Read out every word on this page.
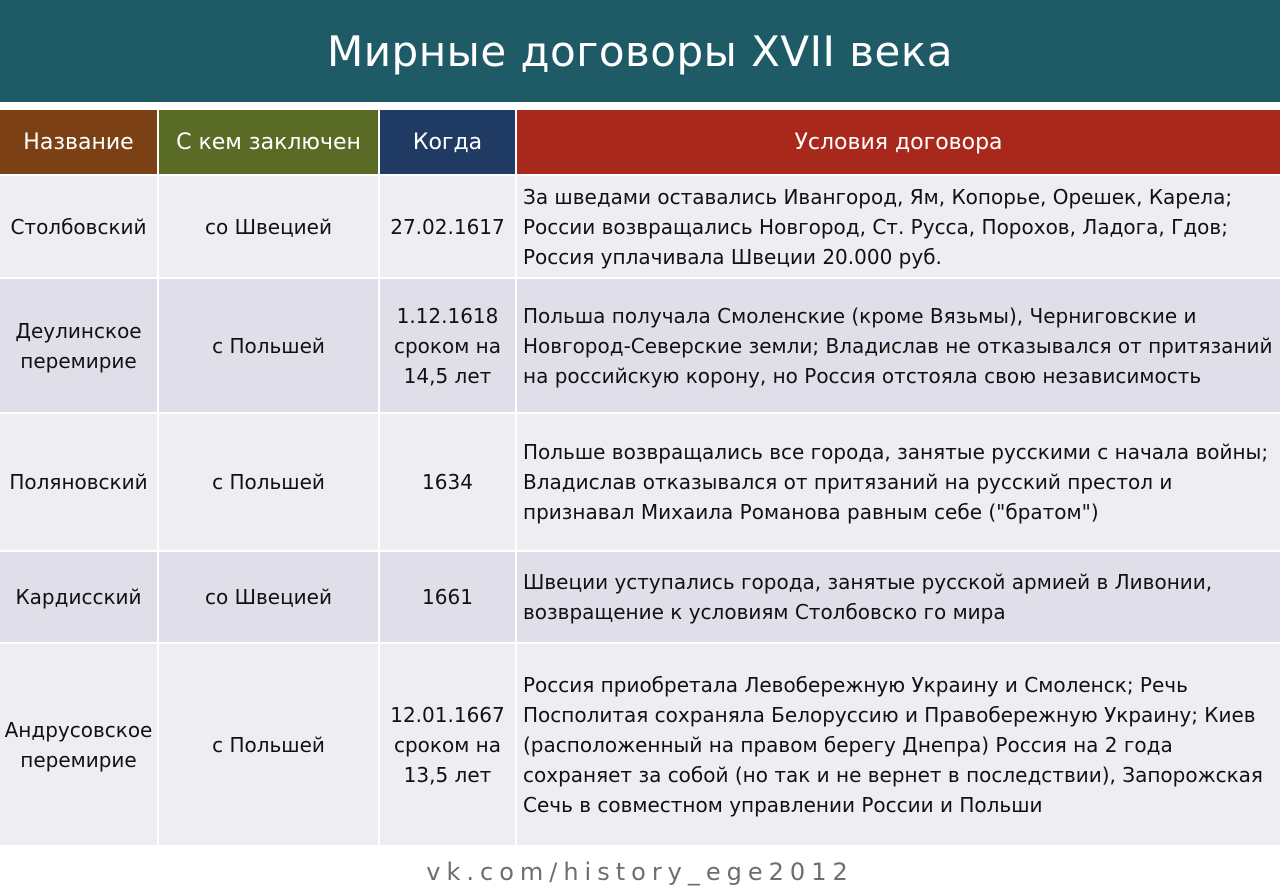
Мирные договоры XVII века
Название	С кем заключен	Когда	Условия договора
Столбовский	со Швецией	27.02.1617	За шведами оставались Ивангород, Ям, Копорье, Орешек, Карела; России возвращались Новгород, Ст. Русса, Порохов, Ладога, Гдов; Россия уплачивала Швеции 20.000 руб.
Деулинское перемирие	с Польшей	1.12.1618 сроком на 14,5 лет	Польша получала Смоленские (кроме Вязьмы), Черниговские и Новгород-Северские земли; Владислав не отказывался от притязаний на российскую корону, но Россия отстояла свою независимость
Поляновский	с Польшей	1634	Польше возвращались все города, занятые русскими с начала войны; Владислав отказывался от притязаний на русский престол и признавал Михаила Романова равным себе ("братом")
Кардисский	со Швецией	1661	Швеции уступались города, занятые русской армией в Ливонии, возвращение к условиям Столбовско го мира
Андрусовское перемирие	с Польшей	12.01.1667 сроком на 13,5 лет	Россия приобретала Левобережную Украину и Смоленск; Речь Посполитая сохраняла Белоруссию и Правобережную Украину; Киев (расположенный на правом берегу Днепра) Россия на 2 года сохраняет за собой (но так и не вернет в последствии), Запорожская Сечь в совместном управлении России и Польши
vk.com/history_ege2012
